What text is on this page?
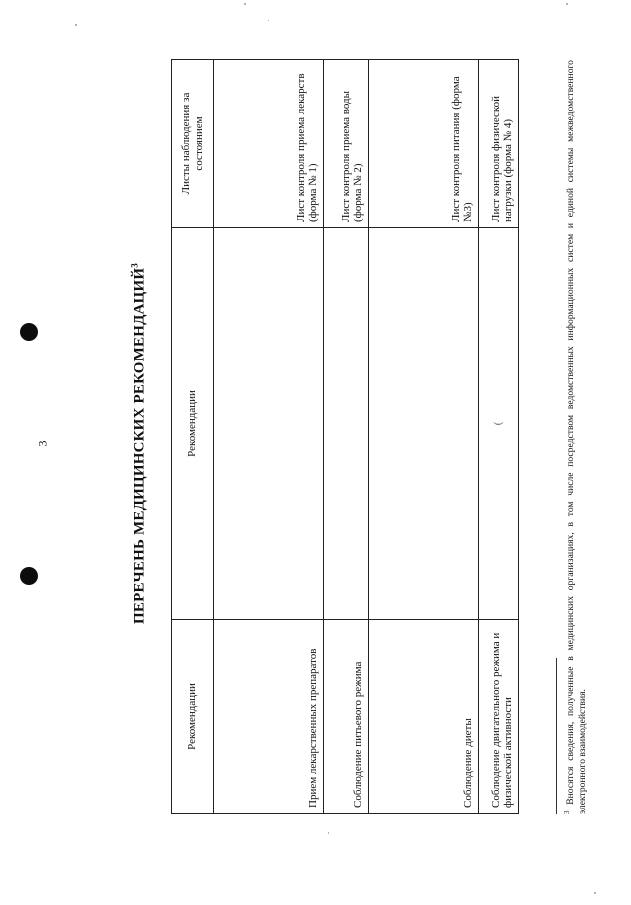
3	ПЕРЕЧЕНЬ МЕДИЦИНСКИХ РЕКОМЕНДАЦИЙ$^3$
Рекомендации	Рекомендации	Листы наблюдения за состоянием
Прием лекарственных препаратов		Лист контроля приема лекарств (форма № 1)
Соблюдение питьевого режима		Лист контроля приема воды (форма № 2)
Соблюдение диеты		Лист контроля питания (форма №3)
Соблюдение двигательного режима и физической активности	(	Лист контроля физической нагрузки (форма № 4)
$^3$ Вносятся сведения, полученные в медицинских организациях, в том числе посредством ведомственных информационных систем и единой системы межведомственного электронного взаимодействия.
